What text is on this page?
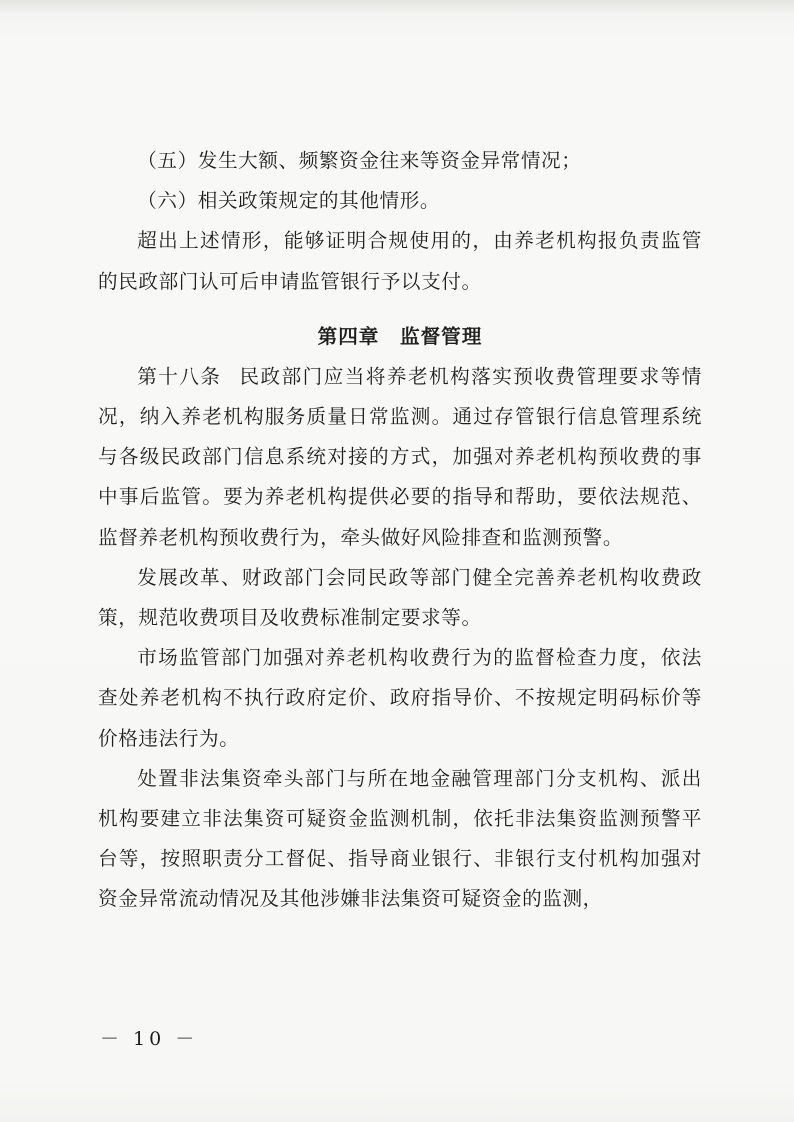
（五）发生大额、频繁资金往来等资金异常情况；

（六）相关政策规定的其他情形。

超出上述情形，能够证明合规使用的，由养老机构报负责监管的民政部门认可后申请监管银行予以支付。

第四章　 监督管理

第十八条 民政部门应当将养老机构落实预收费管理要求等情况，纳入养老机构服务质量日常监测。通过存管银行信息管理系统与各级民政部门信息系统对接的方式，加强对养老机构预收费的事中事后监管。要为养老机构提供必要的指导和帮助，要依法规范、监督养老机构预收费行为，牵头做好风险排查和监测预警。

发展改革、财政部门会同民政等部门健全完善养老机构收费政策，规范收费项目及收费标准制定要求等。

市场监管部门加强对养老机构收费行为的监督检查力度，依法查处养老机构不执行政府定价、政府指导价、不按规定明码标价等价格违法行为。

处置非法集资牵头部门与所在地金融管理部门分支机构、派出机构要建立非法集资可疑资金监测机制，依托非法集资监测预警平台等，按照职责分工督促、指导商业银行、非银行支付机构加强对资金异常流动情况及其他涉嫌非法集资可疑资金的监测，

－ 10 －
